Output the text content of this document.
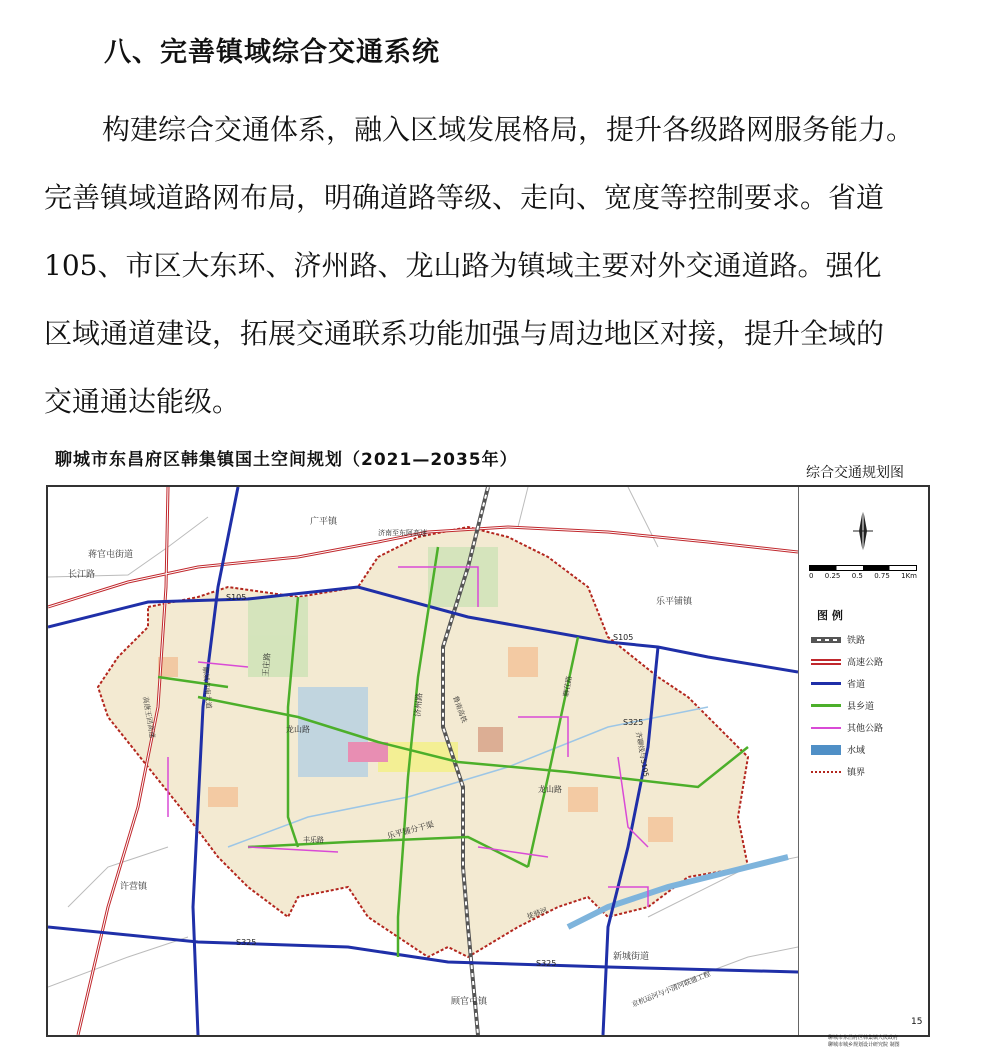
八、完善镇域综合交通系统
构建综合交通体系，融入区域发展格局，提升各级路网服务能力。
完善镇域道路网布局，明确道路等级、走向、宽度等控制要求。省道
105、市区大东环、济州路、龙山路为镇域主要对外交通道路。强化
区域通道建设，拓展交通联系功能加强与周边地区对接，提升全域的
交通通达能级。
聊城市东昌府区韩集镇国土空间规划（2021—2035年）
综合交通规划图
蒋官屯街道
广平镇
乐平铺镇
许营镇
新城街道
顾官屯镇
长江路
S105
S105
S325
S325
S325
济南至东阿高速
鲁南高铁
龙山路
龙山路
济州路
王庄路
乐平铺分干渠
高唐王回高速
聊城市南大道
齐聊线与S105
聊茌路
徒骇河
京杭运河与小清河联通工程
丰乐路
0 0.25 0.5 0.75 1Km
图 例
铁路
高速公路
省道
县乡道
其他公路
水域
镇界
15
聊城市东昌府区韩集镇人民政府
聊城市城乡规划设计研究院 制图
